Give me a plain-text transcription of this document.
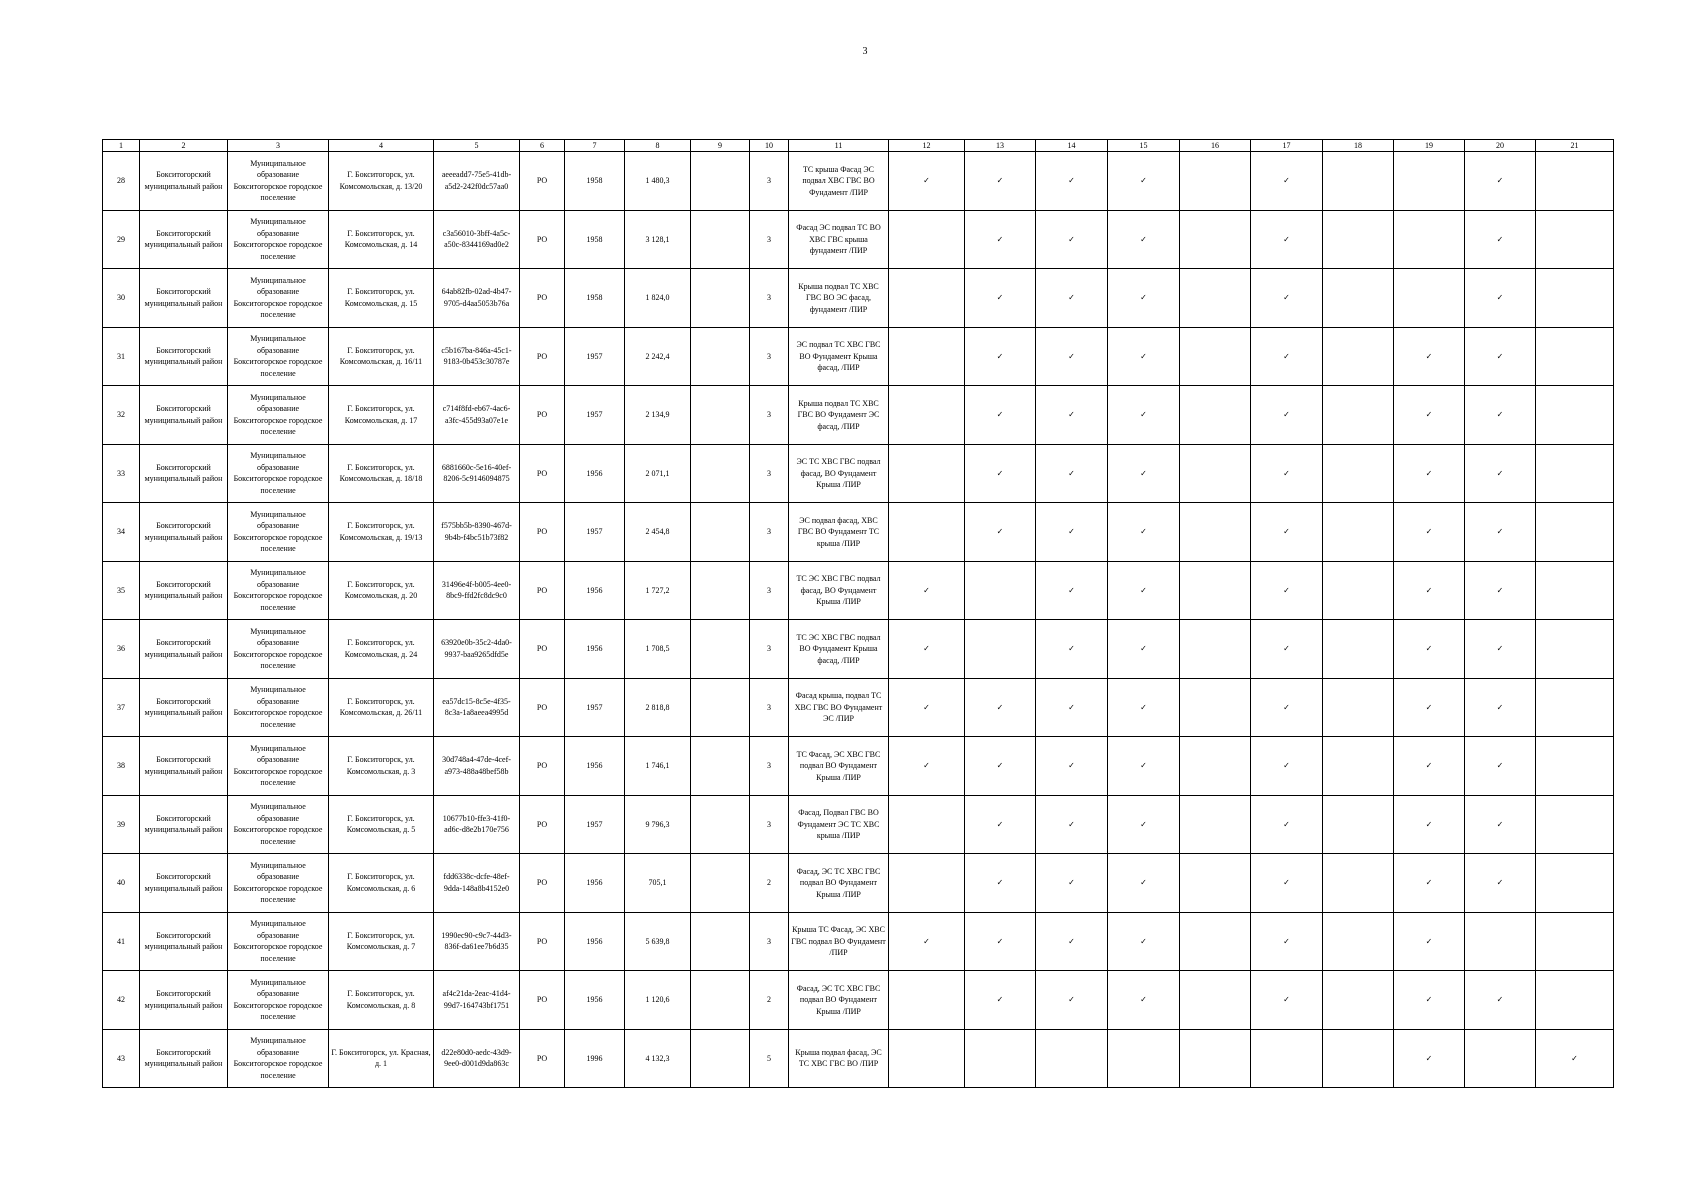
3
1	2	3	4	5	6	7	8	9	10	11	12	13	14	15	16	17	18	19	20	21
28	Бокситогорский муниципальный район	Муниципальное образование Бокситогорское городское поселение	Г. Бокситогорск, ул. Комсомольская, д. 13/20	aeeeadd7-75e5-41db-a5d2-242f0dc57aa0	РО	1958	1 480,3		3	ТС крыша Фасад ЭС подвал ХВС ГВС ВО Фундамент /ПИР	✓	✓	✓	✓		✓			✓	
29	Бокситогорский муниципальный район	Муниципальное образование Бокситогорское городское поселение	Г. Бокситогорск, ул. Комсомольская, д. 14	c3a56010-3bff-4a5c-a50c-8344169ad0e2	РО	1958	3 128,1		3	Фасад ЭС подвал ТС ВО ХВС ГВС крыша фундамент /ПИР		✓	✓	✓		✓			✓	
30	Бокситогорский муниципальный район	Муниципальное образование Бокситогорское городское поселение	Г. Бокситогорск, ул. Комсомольская, д. 15	64ab82fb-02ad-4b47-9705-d4aa5053b76a	РО	1958	1 824,0		3	Крыша подвал ТС ХВС ГВС ВО ЭС фасад, фундамент /ПИР		✓	✓	✓		✓			✓	
31	Бокситогорский муниципальный район	Муниципальное образование Бокситогорское городское поселение	Г. Бокситогорск, ул. Комсомольская, д. 16/11	c5b167ba-846a-45c1-9183-0b453c30787e	РО	1957	2 242,4		3	ЭС подвал ТС ХВС ГВС ВО Фундамент Крыша фасад, /ПИР		✓	✓	✓		✓		✓	✓	
32	Бокситогорский муниципальный район	Муниципальное образование Бокситогорское городское поселение	Г. Бокситогорск, ул. Комсомольская, д. 17	c714f8fd-eb67-4ac6-a3fc-455d93a07e1e	РО	1957	2 134,9		3	Крыша подвал ТС ХВС ГВС ВО Фундамент ЭС фасад, /ПИР		✓	✓	✓		✓		✓	✓	
33	Бокситогорский муниципальный район	Муниципальное образование Бокситогорское городское поселение	Г. Бокситогорск, ул. Комсомольская, д. 18/18	6881660c-5e16-40ef-8206-5c9146094875	РО	1956	2 071,1		3	ЭС ТС ХВС ГВС подвал фасад, ВО Фундамент Крыша /ПИР		✓	✓	✓		✓		✓	✓	
34	Бокситогорский муниципальный район	Муниципальное образование Бокситогорское городское поселение	Г. Бокситогорск, ул. Комсомольская, д. 19/13	f575bb5b-8390-467d-9b4b-f4bc51b73f82	РО	1957	2 454,8		3	ЭС подвал фасад, ХВС ГВС ВО Фундамент ТС крыша /ПИР		✓	✓	✓		✓		✓	✓	
35	Бокситогорский муниципальный район	Муниципальное образование Бокситогорское городское поселение	Г. Бокситогорск, ул. Комсомольская, д. 20	31496e4f-b005-4ee0-8bc9-ffd2fc8dc9c0	РО	1956	1 727,2		3	ТС ЭС ХВС ГВС подвал фасад, ВО Фундамент Крыша /ПИР	✓		✓	✓		✓		✓	✓	
36	Бокситогорский муниципальный район	Муниципальное образование Бокситогорское городское поселение	Г. Бокситогорск, ул. Комсомольская, д. 24	63920e0b-35c2-4da0-9937-baa9265dfd5e	РО	1956	1 708,5		3	ТС ЭС ХВС ГВС подвал ВО Фундамент Крыша фасад, /ПИР	✓		✓	✓		✓		✓	✓	
37	Бокситогорский муниципальный район	Муниципальное образование Бокситогорское городское поселение	Г. Бокситогорск, ул. Комсомольская, д. 26/11	ea57dc15-8c5e-4f35-8c3a-1a8aeea4995d	РО	1957	2 818,8		3	Фасад крыша, подвал ТС ХВС ГВС ВО Фундамент ЭС /ПИР	✓	✓	✓	✓		✓		✓	✓	
38	Бокситогорский муниципальный район	Муниципальное образование Бокситогорское городское поселение	Г. Бокситогорск, ул. Комсомольская, д. 3	30d748a4-47de-4cef-a973-488a48bef58b	РО	1956	1 746,1		3	ТС Фасад, ЭС ХВС ГВС подвал ВО Фундамент Крыша /ПИР	✓	✓	✓	✓		✓		✓	✓	
39	Бокситогорский муниципальный район	Муниципальное образование Бокситогорское городское поселение	Г. Бокситогорск, ул. Комсомольская, д. 5	10677b10-ffe3-41f0-ad6c-d8e2b170e756	РО	1957	9 796,3		3	Фасад, Подвал ГВС ВО Фундамент ЭС ТС ХВС крыша /ПИР		✓	✓	✓		✓		✓	✓	
40	Бокситогорский муниципальный район	Муниципальное образование Бокситогорское городское поселение	Г. Бокситогорск, ул. Комсомольская, д. 6	fdd6338c-dcfe-48ef-9dda-148a8b4152e0	РО	1956	705,1		2	Фасад, ЭС ТС ХВС ГВС подвал ВО Фундамент Крыша /ПИР		✓	✓	✓		✓		✓	✓	
41	Бокситогорский муниципальный район	Муниципальное образование Бокситогорское городское поселение	Г. Бокситогорск, ул. Комсомольская, д. 7	1990ec90-c9c7-44d3-836f-da61ee7b6d35	РО	1956	5 639,8		3	Крыша ТС Фасад, ЭС ХВС ГВС подвал ВО Фундамент /ПИР	✓	✓	✓	✓		✓		✓		
42	Бокситогорский муниципальный район	Муниципальное образование Бокситогорское городское поселение	Г. Бокситогорск, ул. Комсомольская, д. 8	af4c21da-2eac-41d4-99d7-164743bf1751	РО	1956	1 120,6		2	Фасад, ЭС ТС ХВС ГВС подвал ВО Фундамент Крыша /ПИР		✓	✓	✓		✓		✓	✓	
43	Бокситогорский муниципальный район	Муниципальное образование Бокситогорское городское поселение	Г. Бокситогорск, ул. Красная, д. 1	d22e80d0-aedc-43d9-9ee0-d001d9da863c	РО	1996	4 132,3		5	Крыша подвал фасад, ЭС ТС ХВС ГВС ВО /ПИР								✓		✓
